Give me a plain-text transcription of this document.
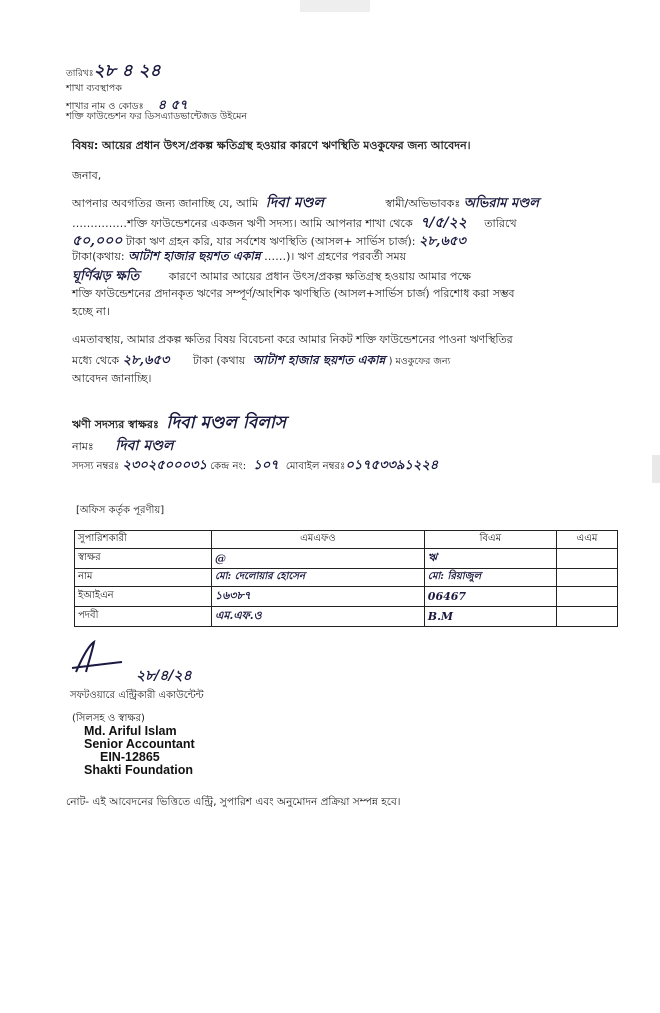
তারিখঃ২৮ ৪ ২৪
শাখা ব্যবস্থাপক
শাখার নাম ও কোডঃ ৪ ৫৭
শক্তি ফাউন্ডেশন ফর ডিসএ্যাডভান্টেজড উইমেন
বিষয়: আয়ের প্রধান উৎস/প্রকল্প ক্ষতিগ্রস্থ হওয়ার কারণে ঋণস্থিতি মওকুফের জন্য আবেদন।
জনাব,
আপনার অবগতির জন্য জানাচ্ছি যে, আমি দিবা মণ্ডল	স্বামী/অভিভাবকঃ অভিরাম মণ্ডল
……………শক্তি ফাউন্ডেশনের একজন ঋণী সদস্য। আমি আপনার শাখা থেকে ৭/৫/২২ তারিখে
৫০,০০০ টাকা ঋণ গ্রহন করি, যার সর্বশেষ ঋণস্থিতি (আসল+ সার্ভিস চার্জ): ২৮,৬৫৩
টাকা(কথায়: আটাশ হাজার ছয়শত একান্ন ……)। ঋণ গ্রহণের পরবর্তী সময়
ঘূর্ণিঝড় ক্ষতি	কারণে আমার আয়ের প্রধান উৎস/প্রকল্প ক্ষতিগ্রস্থ হওয়ায় আমার পক্ষে
শক্তি ফাউন্ডেশনের প্রদানকৃত ঋণের সম্পূর্ণ/আংশিক ঋণস্থিতি (আসল+সার্ভিস চার্জ) পরিশোধ করা সম্ভব
হচ্ছে না।
এমতাবস্থায়, আমার প্রকল্প ক্ষতির বিষয় বিবেচনা করে আমার নিকট শক্তি ফাউন্ডেশনের পাওনা ঋণস্থিতির
মধ্যে থেকে ২৮,৬৫৩ টাকা (কথায় আটাশ হাজার ছয়শত একান্ন ) মওকুফের জন্য
আবেদন জানাচ্ছি।
ঋণী সদস্যর স্বাক্ষরঃ দিবা মণ্ডল বিলাস
নামঃ দিবা মণ্ডল
সদস্য নম্বরঃ ২৩০২৫০০০৩১ কেন্দ্র নং: ১০৭ মোবাইল নম্বরঃ০১৭৫৩৩৯১২২৪
[অফিস কর্তৃক পূরণীয়]
সুপারিশকারী	এমএফও	বিএম	এএম
স্বাক্ষর	@	ঋ	
নাম	মো: দেলোয়ার হোসেন	মো: রিয়াজুল	
ইআইএন	১৬৩৮৭	06467	
পদবী	এম.এফ.ও	B.M	
২৮/৪/২৪
সফটওয়ারে এন্ট্রিকারী একাউন্টেন্ট
(সিলসহ ও স্বাক্ষর)
Md. Ariful Islam
Senior Accountant
EIN-12865
Shakti Foundation
নোট- এই আবেদনের ভিত্তিতে এন্ট্রি, সুপারিশ এবং অনুমোদন প্রক্রিয়া সম্পন্ন হবে।
